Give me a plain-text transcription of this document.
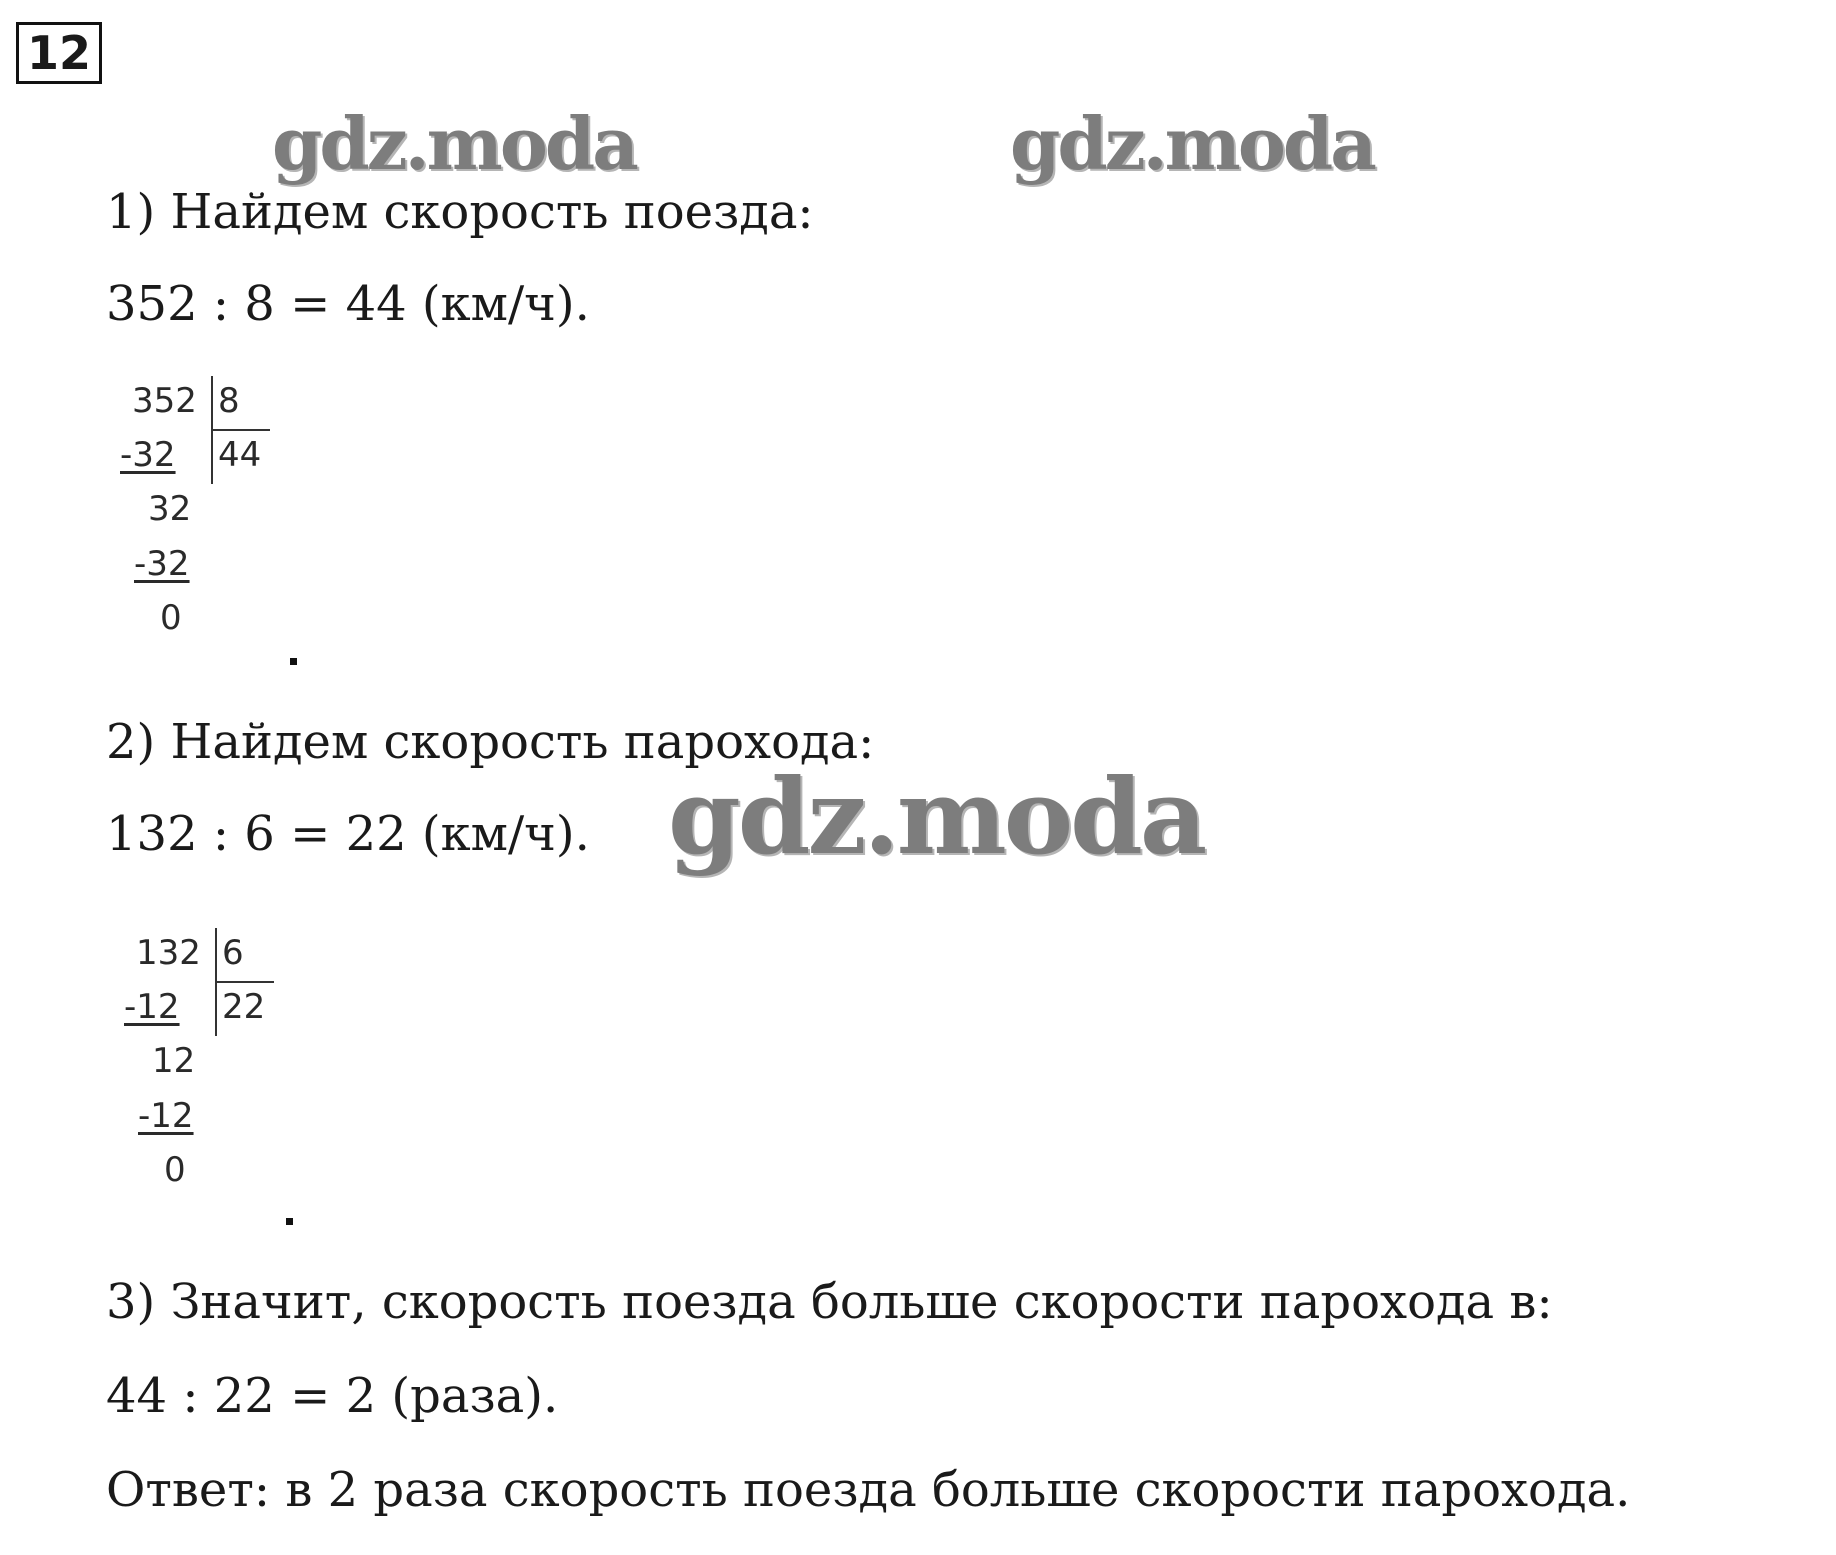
12
gdz.moda	gdz.moda
1) Найдем скорость поезда:
352 : 8 = 44 (км/ч).
352 8
-32 44
32
-32
0
2) Найдем скорость парохода:
gdz.moda
132 : 6 = 22 (км/ч).
132 6
-12 22
12
-12
0
3) Значит, скорость поезда больше скорости парохода в:
44 : 22 = 2 (раза).
Ответ: в 2 раза скорость поезда больше скорости парохода.
